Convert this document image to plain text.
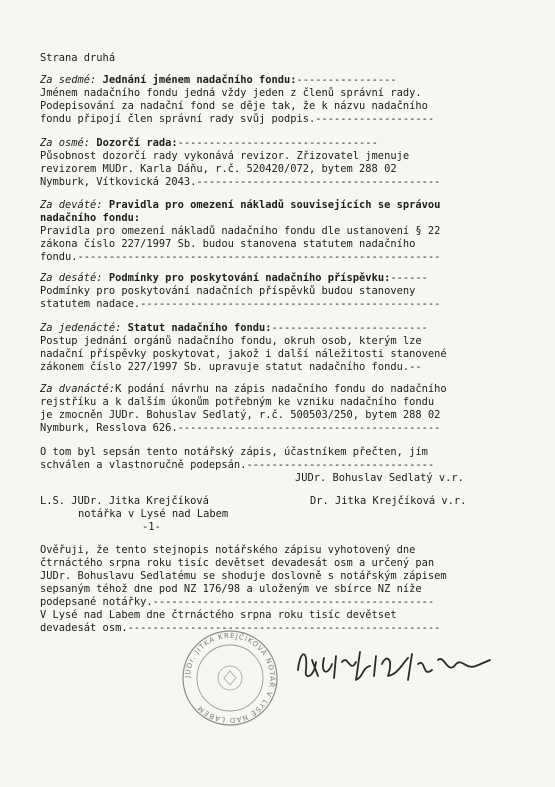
Strana druhá
Za sedmé: Jednání jménem nadačního fondu:----------------
Jménem nadačního fondu jedná vždy jeden z členů správní rady.
Podepisování za nadační fond se děje tak, že k názvu nadačního
fondu připojí člen správní rady svůj podpis.-------------------
Za osmé: Dozorčí rada:--------------------------------
Působnost dozorčí rady vykonává revizor. Zřizovatel jmenuje
revizorem MUDr. Karla Dáňu, r.č. 520420/072, bytem 288 02
Nymburk, Vítkovická 2043.---------------------------------------
Za deváté: Pravidla pro omezení nákladů souvisejících se správou
nadačního fondu:
Pravidla pro omezení nákladů nadačního fondu dle ustanovení § 22
zákona číslo 227/1997 Sb. budou stanovena statutem nadačního
fondu.----------------------------------------------------------
Za desáté: Podmínky pro poskytování nadačního příspěvku:------
Podmínky pro poskytování nadačních příspěvků budou stanoveny
statutem nadace.------------------------------------------------
Za jedenácté: Statut nadačního fondu:-------------------------
Postup jednání orgánů nadačního fondu, okruh osob, kterým lze
nadační příspěvky poskytovat, jakož i další náležitosti stanovené
zákonem číslo 227/1997 Sb. upravuje statut nadačního fondu.--
Za dvanácté:K podání návrhu na zápis nadačního fondu do nadačního
rejstříku a k dalším úkonům potřebným ke vzniku nadačního fondu
je zmocněn JUDr. Bohuslav Sedlatý, r.č. 500503/250, bytem 288 02
Nymburk, Resslova 626.------------------------------------------
O tom byl sepsán tento notářský zápis, účastníkem přečten, jím
schválen a vlastnoručně podepsán.------------------------------
JUDr. Bohuslav Sedlatý v.r.
L.S. JUDr. Jitka Krejčíková	Dr. Jitka Krejčíková v.r.
notářka v Lysé nad Labem
-1-
Ověřuji, že tento stejnopis notářského zápisu vyhotovený dne
čtrnáctého srpna roku tisíc devětset devadesát osm a určený pan
JUDr. Bohuslavu Sedlatému se shoduje doslovně s notářským zápisem
sepsaným téhož dne pod NZ 176/98 a uloženým ve sbírce NZ níže
podepsané notářky.---------------------------------------------
V Lysé nad Labem dne čtrnáctého srpna roku tisíc devětset
devadesát osm.--------------------------------------------------
JUDr. JITKA KREJČÍKOVÁ NOTÁŘ V LYSÉ NAD LABEM
